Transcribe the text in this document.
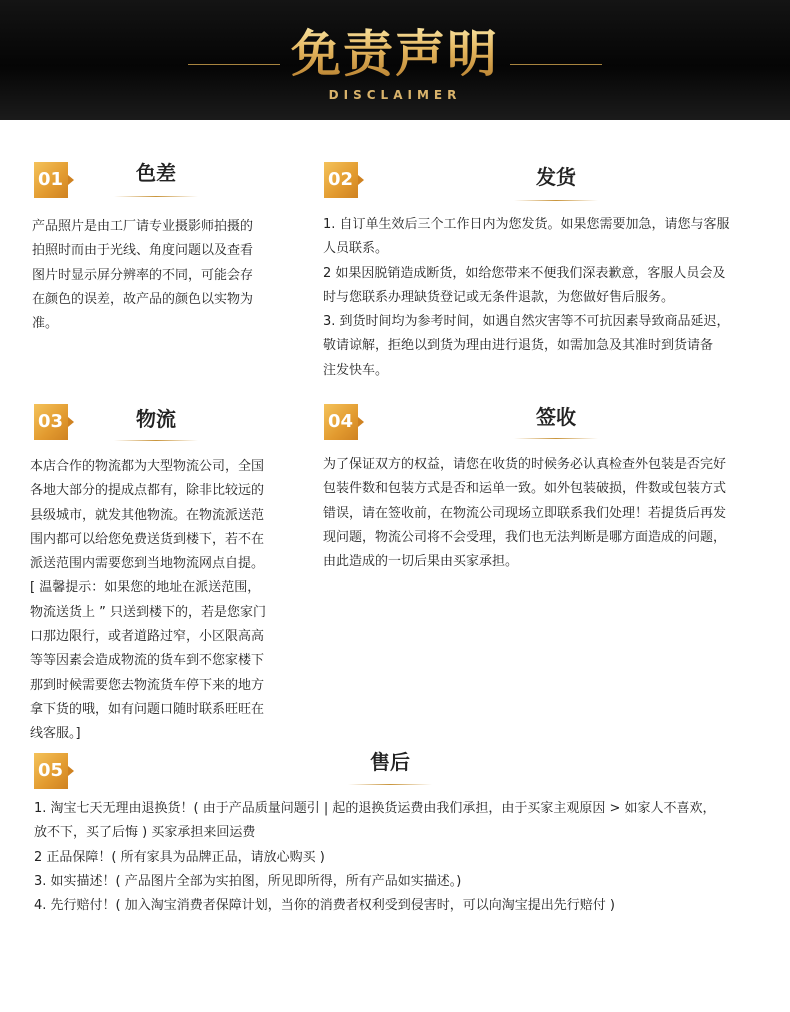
免责声明
DISCLAIMER
01	色差

产品照片是由工厂请专业摄影师拍摄的

拍照时而由于光线、角度问题以及查看

图片时显示屏分辨率的不同，可能会存

在颜色的误差，故产品的颜色以实物为

准。

02	发货

1. 自订单生效后三个工作日内为您发货。如果您需要加急，请您与客服

人员联系。

2 如果因脱销造成断货，如给您带来不便我们深表歉意，客服人员会及

时与您联系办理缺货登记或无条件退款，为您做好售后服务。

3. 到货时间均为参考时间，如遇自然灾害等不可抗因素导致商品延迟，

敬请谅解，拒绝以到货为理由进行退货，如需加急及其准时到货请备

注发快车。

03	物流

本店合作的物流都为大型物流公司，全国

各地大部分的提成点都有，除非比较远的

县级城市，就发其他物流。在物流派送范

围内都可以给您免费送货到楼下，若不在

派送范围内需要您到当地物流网点自提。

[ 温馨提示：如果您的地址在派送范围，

物流送货上 ” 只送到楼下的，若是您家门

口那边限行，或者道路过窄，小区限高高

等等因素会造成物流的货车到不您家楼下

那到时候需要您去物流货车停下来的地方

拿下货的哦，如有问题口随时联系旺旺在

线客服。]

04	签收

为了保证双方的权益，请您在收货的时候务必认真检查外包装是否完好

包装件数和包装方式是否和运单一致。如外包装破损，件数或包装方式

错误，请在签收前，在物流公司现场立即联系我们处理！若提货后再发

现问题，物流公司将不会受理，我们也无法判断是哪方面造成的问题，

由此造成的一切后果由买家承担。

05	售后

1. 淘宝七天无理由退换货！( 由于产品质量问题引 | 起的退换货运费由我们承担，由于买家主观原因 > 如家人不喜欢，

放不下，买了后悔 ) 买家承担来回运费

2 正品保障！( 所有家具为品牌正品，请放心购买 )

3. 如实描述！( 产品图片全部为实拍图，所见即所得，所有产品如实描述。)

4. 先行赔付！( 加入淘宝消费者保障计划，当你的消费者权利受到侵害时，可以向淘宝提出先行赔付 )
